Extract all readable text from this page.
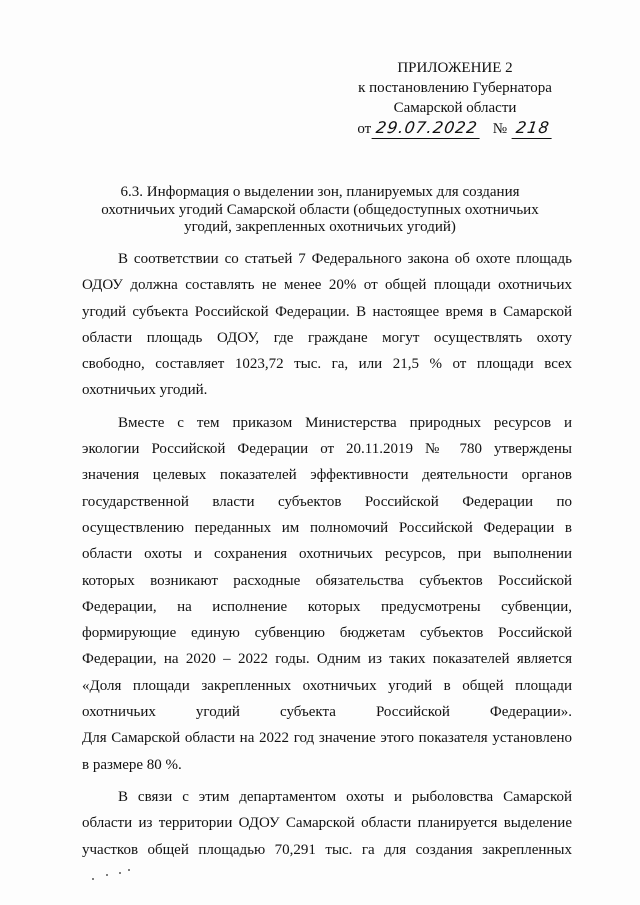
ПРИЛОЖЕНИЕ 2
к постановлению Губернатора
Самарской области
от 29.07.2022 № 218
6.3. Информация о выделении зон, планируемых для создания
охотничьих угодий Самарской области (общедоступных охотничьих
угодий, закрепленных охотничьих угодий)

В соответствии со статьей 7 Федерального закона об охоте площадь
ОДОУ должна составлять не менее 20% от общей площади охотничьих
угодий субъекта Российской Федерации. В настоящее время в Самарской
области площадь ОДОУ, где граждане могут осуществлять охоту
свободно, составляет 1023,72 тыс. га, или 21,5 % от площади всех
охотничьих угодий.

Вместе с тем приказом Министерства природных ресурсов и
экологии Российской Федерации от 20.11.2019 № 780 утверждены
значения целевых показателей эффективности деятельности органов
государственной власти субъектов Российской Федерации по
осуществлению переданных им полномочий Российской Федерации в
области охоты и сохранения охотничьих ресурсов, при выполнении
которых возникают расходные обязательства субъектов Российской
Федерации, на исполнение которых предусмотрены субвенции,
формирующие единую субвенцию бюджетам субъектов Российской
Федерации, на 2020 – 2022 годы. Одним из таких показателей является
«Доля площади закрепленных охотничьих угодий в общей площади
охотничьих угодий субъекта Российской Федерации».
Для Самарской области на 2022 год значение этого показателя установлено
в размере 80 %.

В связи с этим департаментом охоты и рыболовства Самарской
области из территории ОДОУ Самарской области планируется выделение
участков общей площадью 70,291 тыс. га для создания закрепленных
